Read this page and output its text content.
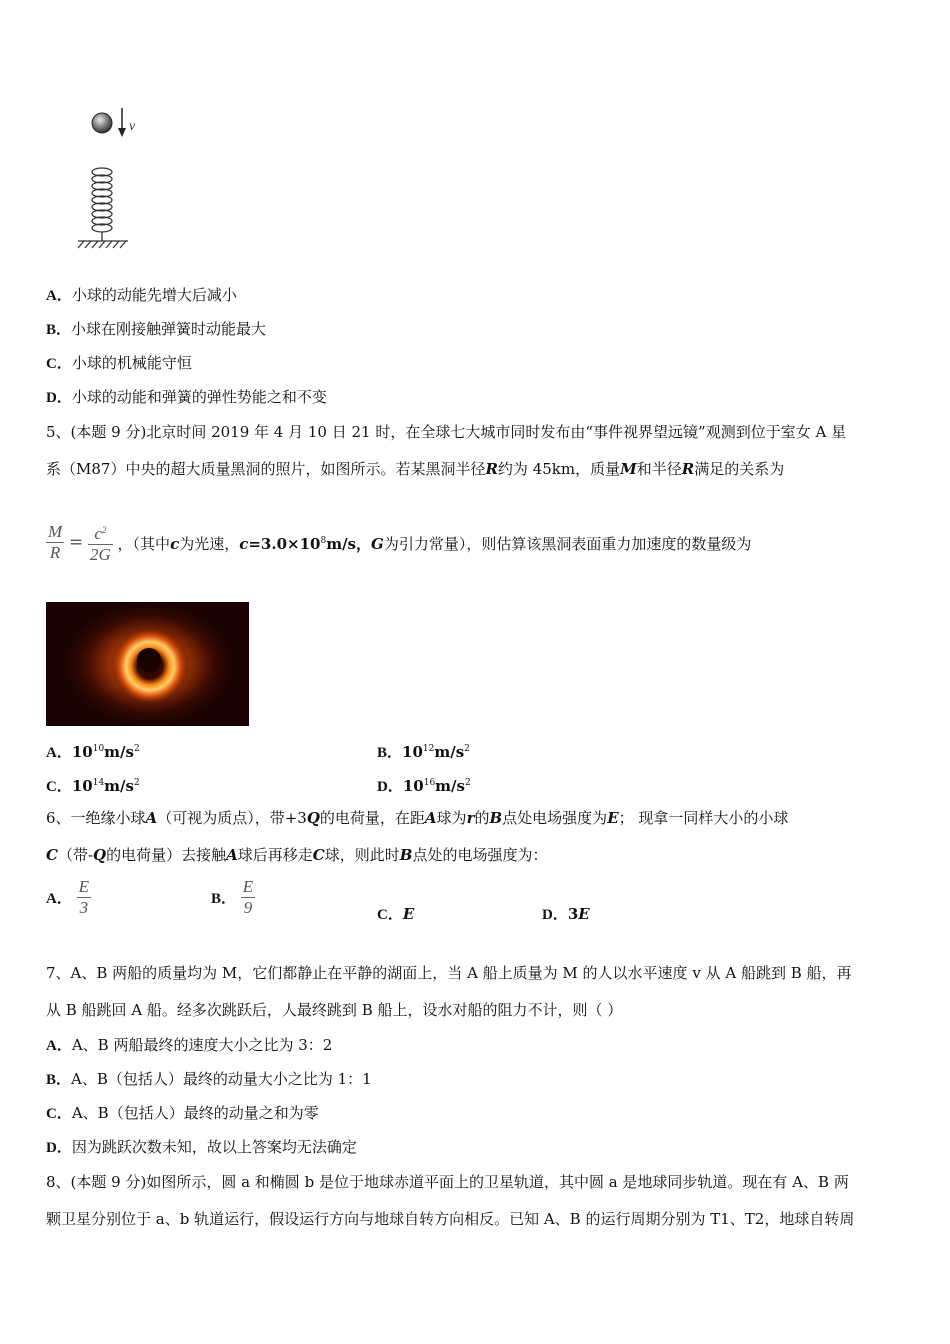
v
A．小球的动能先增大后减小
B．小球在刚接触弹簧时动能最大
C．小球的机械能守恒
D．小球的动能和弹簧的弹性势能之和不变
5、(本题 9 分)北京时间 2019 年 4 月 10 日 21 时，在全球七大城市同时发布由“事件视界望远镜”观测到位于室女 A 星
系（M87）中央的超大质量黑洞的照片，如图所示。若某黑洞半径R约为 45km，质量M和半径R满足的关系为
$\frac{M}{R} = \frac{c^2}{2G}$ ，（其中c为光速，$c=3.0\times 10^8m/s$，G为引力常量），则估算该黑洞表面重力加速度的数量级为
A．$10^{10}m/s^2$	B．$10^{12}m/s^2$
C．$10^{14}m/s^2$	D．$10^{16}m/s^2$
6、一绝缘小球A（可视为质点），带+3Q的电荷量，在距A球为r的B点处电场强度为E； 现拿一同样大小的小球
C（带-Q的电荷量）去接触A球后再移走C球，则此时B点处的电场强度为：
A． $\frac{E}{3}$	B． $\frac{E}{9}$	C．E	D．3E
7、A、B 两船的质量均为 M，它们都静止在平静的湖面上，当 A 船上质量为 M 的人以水平速度 v 从 A 船跳到 B 船，再
从 B 船跳回 A 船。经多次跳跃后，人最终跳到 B 船上，设水对船的阻力不计，则（ ）
A．A、B 两船最终的速度大小之比为 3：2
B．A、B（包括人）最终的动量大小之比为 1：1
C．A、B（包括人）最终的动量之和为零
D．因为跳跃次数未知，故以上答案均无法确定
8、(本题 9 分)如图所示，圆 a 和椭圆 b 是位于地球赤道平面上的卫星轨道，其中圆 a 是地球同步轨道。现在有 A、B 两
颗卫星分别位于 a、b 轨道运行，假设运行方向与地球自转方向相反。已知 A、B 的运行周期分别为 T1、T2，地球自转周
